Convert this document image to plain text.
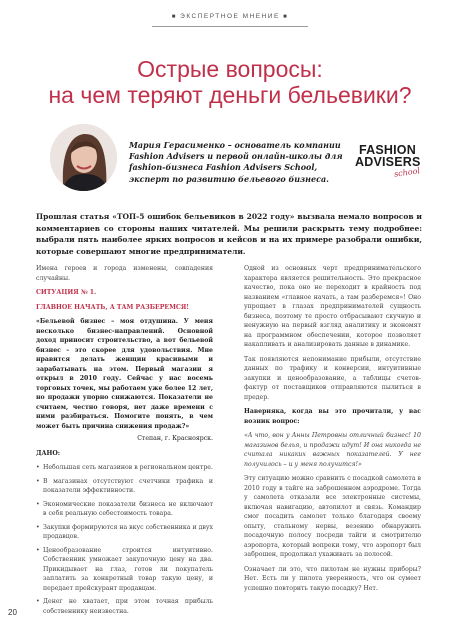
■ ЭКСПЕРТНОЕ МНЕНИЕ ■
Острые вопросы:
на чем теряют деньги бельевики?
Мария Герасименко – основатель компании Fashion Advisers и первой онлайн-школы для fashion-бизнеса Fashion Advisers School, эксперт по развитию бельевого бизнеса.
FASHION
ADVISERS
school
Прошлая статья «ТОП-5 ошибок бельевиков в 2022 году» вызвала немало вопросов и комментариев со стороны наших читателей. Мы решили раскрыть тему подробнее: выбрали пять наиболее ярких вопросов и кейсов и на их примере разобрали ошибки, которые совершают многие предприниматели.

Имена героев и города изменены, совпадения случайны.

СИТУАЦИЯ № 1.

ГЛАВНОЕ НАЧАТЬ, А ТАМ РАЗБЕРЕМСЯ!

«Бельевой бизнес – моя отдушина. У меня несколько бизнес-направлений. Основной доход приносит строительство, а вот бельевой бизнес – это скорее для удовольствия. Мне нравится делать женщин красивыми и зарабатывать на этом. Первый магазин я открыл в 2010 году. Сейчас у нас восемь торговых точек, мы работаем уже более 12 лет, но продажи упорно снижаются. Показатели не считаем, честно говоря, нет даже времени с ними разбираться. Помогите понять, в чем может быть причина снижения продаж?»

Степан, г. Красноярск.

ДАНО:

• Небольшая сеть магазинов в региональном центре.
• В магазинах отсутствуют счетчики трафика и показатели эффективности.
• Экономические показатели бизнеса не включают в себя реальную себестоимость товара.
• Закупки формируются на вкус собственника и двух продавцов.
• Ценообразование строится интуитивно. Собственник умножает закупочную цену на два. Прикидывает на глаз, готов ли покупатель заплатить за конкретный товар такую цену, и передает прейскурант продавцам.
• Денег не хватает, при этом точная прибыль собственнику неизвестна.

Одной из основных черт предпринимательского характера является решительность. Это прекрасное качество, пока оно не переходит в крайность под названием «главное начать, а там разберемся»! Оно упрощает в глазах предпринимателей сущность бизнеса, поэтому те просто отбрасывают скучную и ненужную на первый взгляд аналитику и экономят на программном обеспечении, которое позволяет накапливать и анализировать данные в динамике.

Так появляются непонимание прибыли, отсутствие данных по трафику и конверсии, интуитивные закупки и ценообразование, а таблицы счетов-фактур от поставщиков отправляются пылиться в предер.

Наверняка, когда вы это прочитали, у вас возник вопрос:

«А что, вон у Анны Петровны отличный бизнес! 10 магазинов белья, и продажи идут! И она никогда не считала никаких важных показателей. У нее получилось – и у меня получится!»

Эту ситуацию можно сравнить с посадкой самолета в 2010 году в тайге на заброшенном аэродроме. Тогда у самолета отказали все электронные системы, включая навигацию, автопилот и связь. Командир смог посадить самолет только благодаря своему опыту, стальному нервы, везению обнаружить посадочную полосу посреди тайги и смотрителю аэропорта, который вопреки тому, что аэропорт был заброшен, продолжал ухаживать за полосой.

Означает ли это, что пилотам не нужны приборы? Нет. Есть ли у пилота уверенность, что он сумеет успешно повторить такую посадку? Нет.

20
